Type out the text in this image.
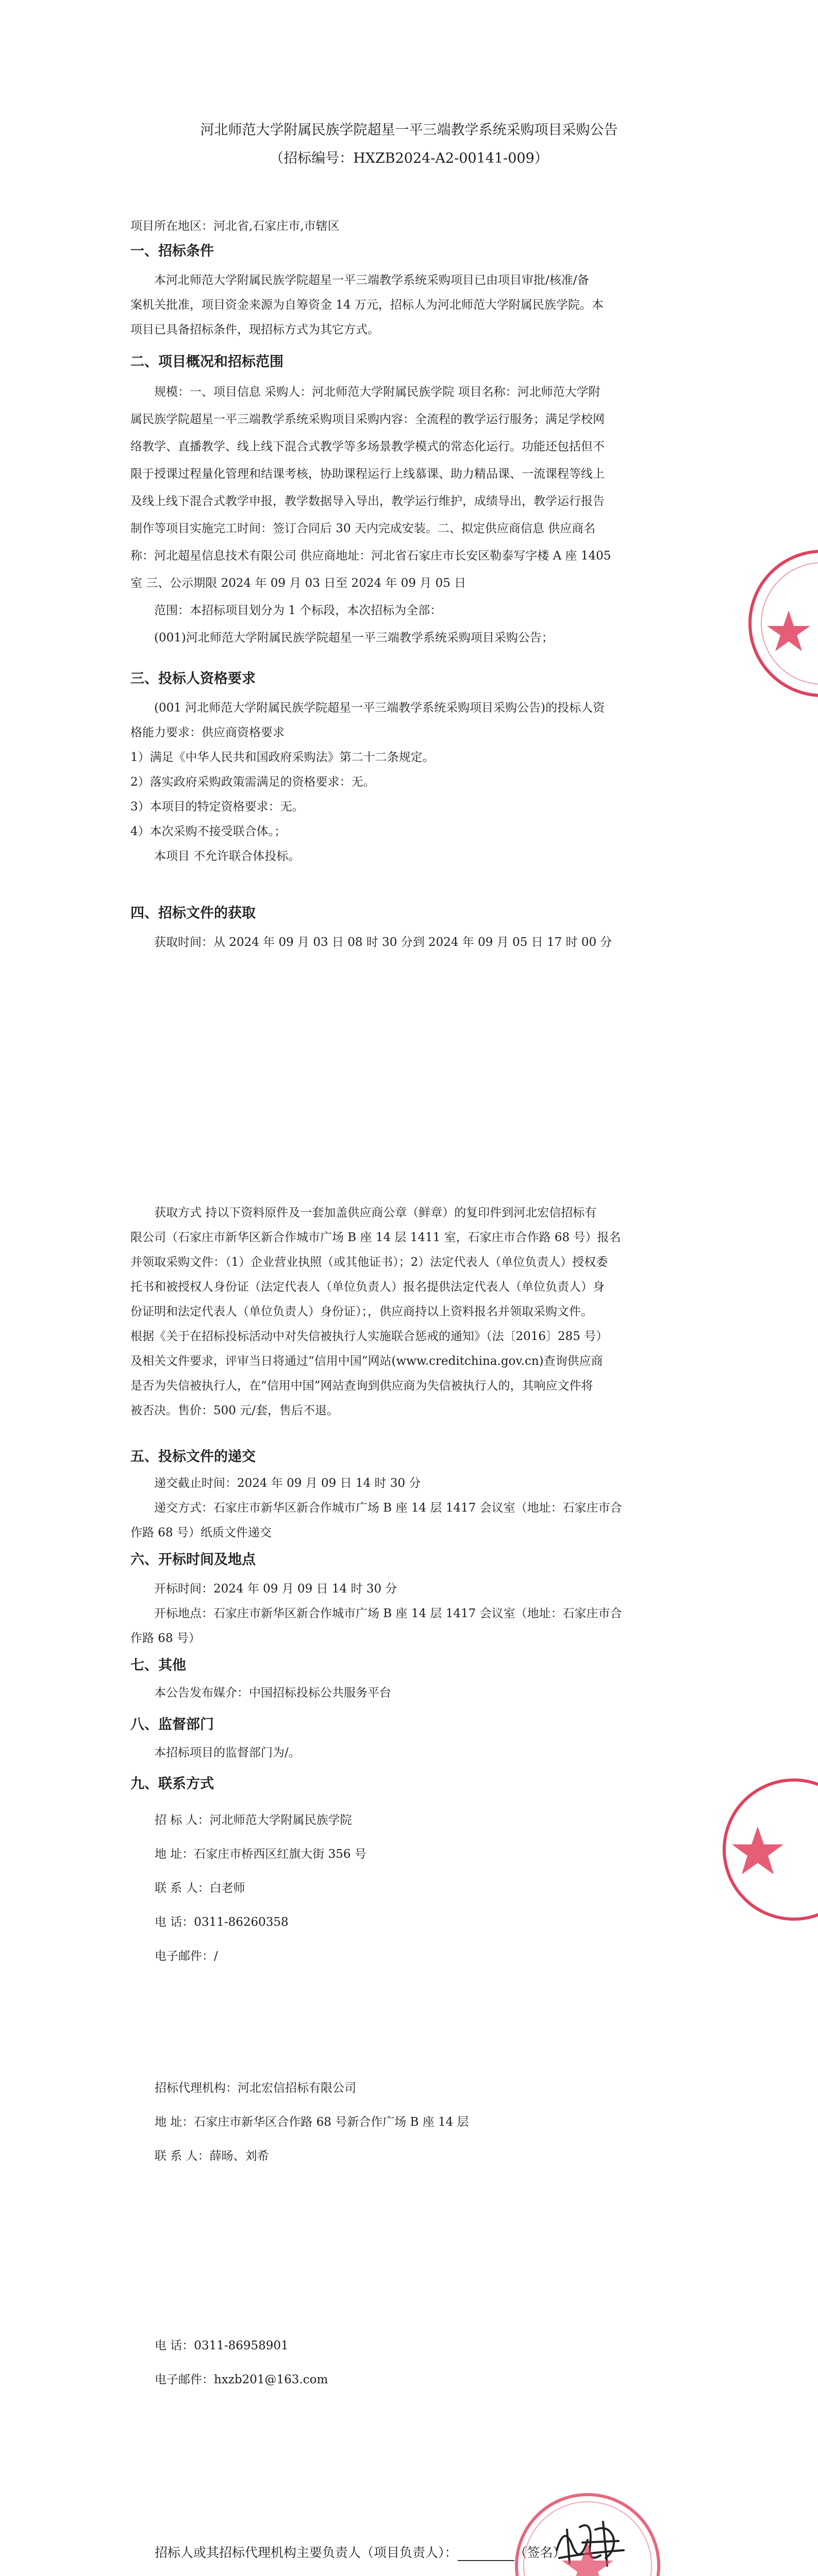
河北师范大学附属民族学院超星一平三端教学系统采购项目采购公告
（招标编号：HXZB2024-A2-00141-009）
项目所在地区：河北省,石家庄市,市辖区
一、招标条件
本河北师范大学附属民族学院超星一平三端教学系统采购项目已由项目审批/核准/备
案机关批准，项目资金来源为自筹资金 14 万元，招标人为河北师范大学附属民族学院。本
项目已具备招标条件，现招标方式为其它方式。
二、项目概况和招标范围
规模：一、项目信息 采购人：河北师范大学附属民族学院 项目名称：河北师范大学附
属民族学院超星一平三端教学系统采购项目采购内容：全流程的教学运行服务；满足学校网
络教学、直播教学、线上线下混合式教学等多场景教学模式的常态化运行。功能还包括但不
限于授课过程量化管理和结课考核，协助课程运行上线慕课、助力精品课、一流课程等线上
及线上线下混合式教学申报，教学数据导入导出，教学运行维护，成绩导出，教学运行报告
制作等项目实施完工时间：签订合同后 30 天内完成安装。二、拟定供应商信息 供应商名
称：河北超星信息技术有限公司 供应商地址：河北省石家庄市长安区勒泰写字楼 A 座 1405
室 三、公示期限 2024 年 09 月 03 日至 2024 年 09 月 05 日
范围：本招标项目划分为 1 个标段，本次招标为全部：
(001)河北师范大学附属民族学院超星一平三端教学系统采购项目采购公告；
三、投标人资格要求
(001 河北师范大学附属民族学院超星一平三端教学系统采购项目采购公告)的投标人资
格能力要求：供应商资格要求
1）满足《中华人民共和国政府采购法》第二十二条规定。
2）落实政府采购政策需满足的资格要求：无。
3）本项目的特定资格要求：无。
4）本次采购不接受联合体。；
本项目 不允许联合体投标。
四、招标文件的获取
获取时间：从 2024 年 09 月 03 日 08 时 30 分到 2024 年 09 月 05 日 17 时 00 分
获取方式 持以下资料原件及一套加盖供应商公章（鲜章）的复印件到河北宏信招标有
限公司（石家庄市新华区新合作城市广场 B 座 14 层 1411 室，石家庄市合作路 68 号）报名
并领取采购文件：（1）企业营业执照（或其他证书）；2）法定代表人（单位负责人）授权委
托书和被授权人身份证（法定代表人（单位负责人）报名提供法定代表人（单位负责人）身
份证明和法定代表人（单位负责人）身份证）；，供应商持以上资料报名并领取采购文件。
根据《关于在招标投标活动中对失信被执行人实施联合惩戒的通知》（法〔2016〕285 号）
及相关文件要求，评审当日将通过“信用中国”网站(www.creditchina.gov.cn)查询供应商
是否为失信被执行人，在“信用中国”网站查询到供应商为失信被执行人的，其响应文件将
被否决。售价：500 元/套，售后不退。
五、投标文件的递交
递交截止时间：2024 年 09 月 09 日 14 时 30 分
递交方式：石家庄市新华区新合作城市广场 B 座 14 层 1417 会议室（地址：石家庄市合
作路 68 号）纸质文件递交
六、开标时间及地点
开标时间：2024 年 09 月 09 日 14 时 30 分
开标地点：石家庄市新华区新合作城市广场 B 座 14 层 1417 会议室（地址：石家庄市合
作路 68 号）
七、其他
本公告发布媒介：中国招标投标公共服务平台
八、监督部门
本招标项目的监督部门为/。
九、联系方式
招 标 人：河北师范大学附属民族学院
地 址：石家庄市桥西区红旗大街 356 号
联 系 人：白老师
电 话：0311-86260358
电子邮件：/
招标代理机构：河北宏信招标有限公司
地 址：石家庄市新华区合作路 68 号新合作广场 B 座 14 层
联 系 人：薛旸、刘希
电 话：0311-86958901
电子邮件：hxzb201@163.com
招标人或其招标代理机构主要负责人（项目负责人）：	（签名）
